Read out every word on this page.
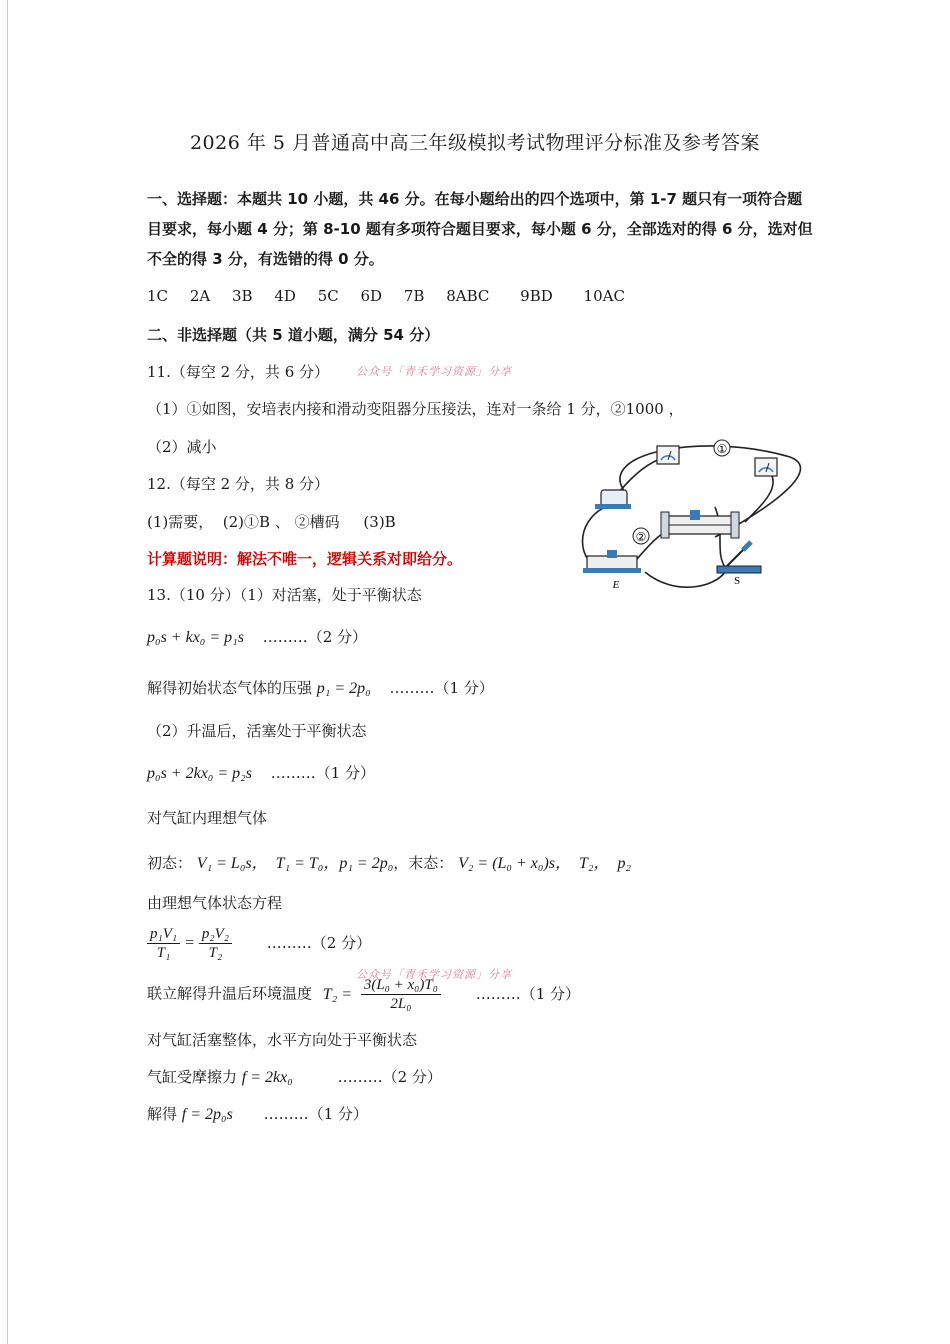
2026 年 5 月普通高中高三年级模拟考试物理评分标准及参考答案
一、选择题：本题共 10 小题，共 46 分。在每小题给出的四个选项中，第 1-7 题只有一项符合题目要求，每小题 4 分；第 8-10 题有多项符合题目要求，每小题 6 分，全部选对的得 6 分，选对但不全的得 3 分，有选错的得 0 分。
1C 2A 3B 4D 5C 6D 7B 8ABC 9BD 10AC
二、非选择题（共 5 道小题，满分 54 分）
11.（每空 2 分，共 6 分） 公众号「青禾学习资源」分享
（1）①如图，安培表内接和滑动变阻器分压接法，连对一条给 1 分，②1000 ，
（2）减小
12.（每空 2 分，共 8 分）
(1)需要，  (2)①B 、 ②槽码     (3)B
计算题说明：解法不唯一，逻辑关系对即给分。
①
②
E	S
13.（10 分）（1）对活塞，处于平衡状态
p₀s + kx₀ = p₁s ………（2 分）
解得初始状态气体的压强 p₁ = 2p₀ ………（1 分）
（2）升温后，活塞处于平衡状态
p₀s + 2kx₀ = p₂s ………（1 分）
对气缸内理想气体
初态： V₁ = L₀s，  T₁ = T₀，p₁ = 2p₀，末态： V₂ = (L₀ + x₀)s，  T₂，  p₂
由理想气体状态方程
$\frac{\text{p₁V₁}}{\text{T₁}} = \frac{\text{p₂V₂}}{\text{T₂}}$ ………（2 分）
公众号「青禾学习资源」分享
联立解得升温后环境温度 $T_2 = \frac{\text{3(L₀ + x₀)T₀}}{\text{2L₀}}$ ………（1 分）
对气缸活塞整体，水平方向处于平衡状态
气缸受摩擦力 f = 2kx₀	………（2 分）
解得 f = 2p₀s ………（1 分）
